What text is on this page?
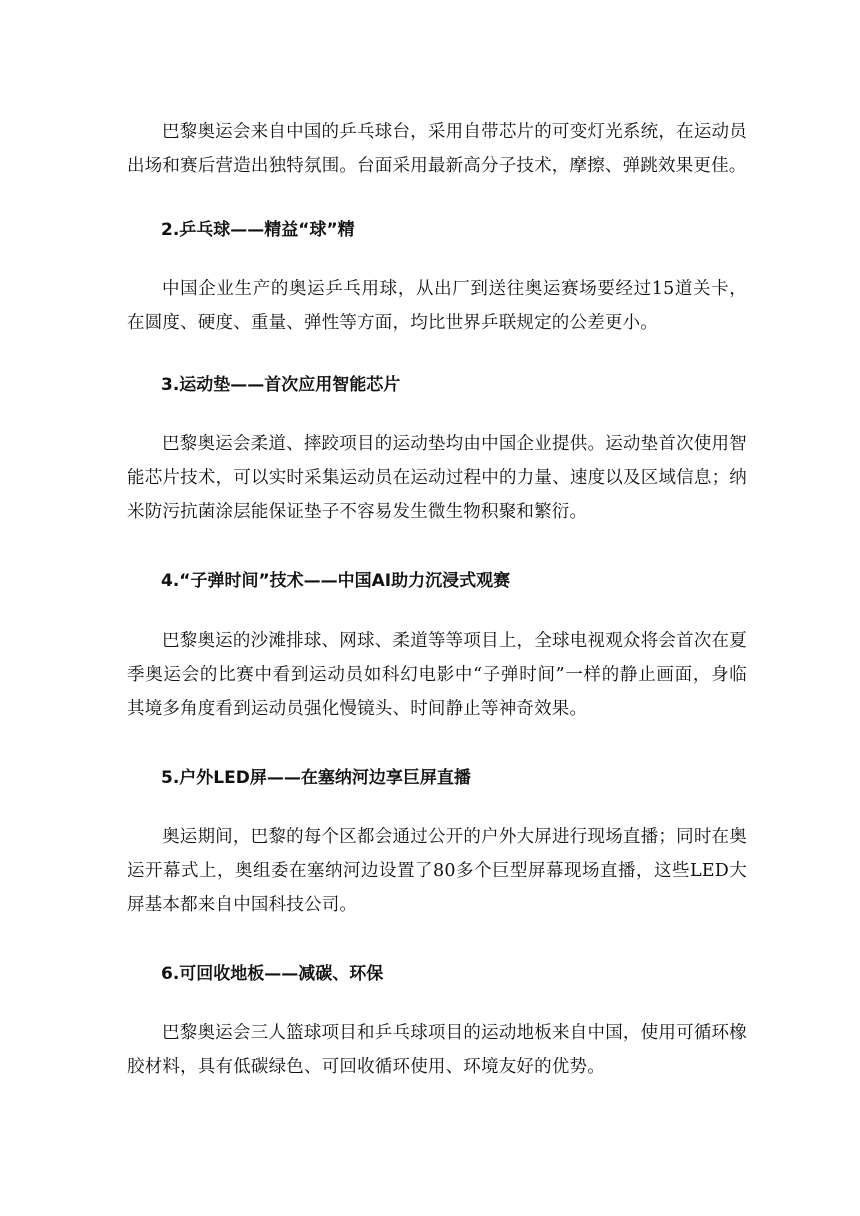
巴黎奥运会来自中国的乒乓球台，采用自带芯片的可变灯光系统，在运动员出场和赛后营造出独特氛围。台面采用最新高分子技术，摩擦、弹跳效果更佳。

2.乒乓球——精益“球”精

中国企业生产的奥运乒乓用球，从出厂到送往奥运赛场要经过15道关卡，在圆度、硬度、重量、弹性等方面，均比世界乒联规定的公差更小。

3.运动垫——首次应用智能芯片

巴黎奥运会柔道、摔跤项目的运动垫均由中国企业提供。运动垫首次使用智能芯片技术，可以实时采集运动员在运动过程中的力量、速度以及区域信息；纳米防污抗菌涂层能保证垫子不容易发生微生物积聚和繁衍。

4.“子弹时间”技术——中国AI助力沉浸式观赛

巴黎奥运的沙滩排球、网球、柔道等等项目上，全球电视观众将会首次在夏季奥运会的比赛中看到运动员如科幻电影中“子弹时间”一样的静止画面，身临其境多角度看到运动员强化慢镜头、时间静止等神奇效果。

5.户外LED屏——在塞纳河边享巨屏直播

奥运期间，巴黎的每个区都会通过公开的户外大屏进行现场直播；同时在奥运开幕式上，奥组委在塞纳河边设置了80多个巨型屏幕现场直播，这些LED大屏基本都来自中国科技公司。

6.可回收地板——减碳、环保

巴黎奥运会三人篮球项目和乒乓球项目的运动地板来自中国，使用可循环橡胶材料，具有低碳绿色、可回收循环使用、环境友好的优势。
